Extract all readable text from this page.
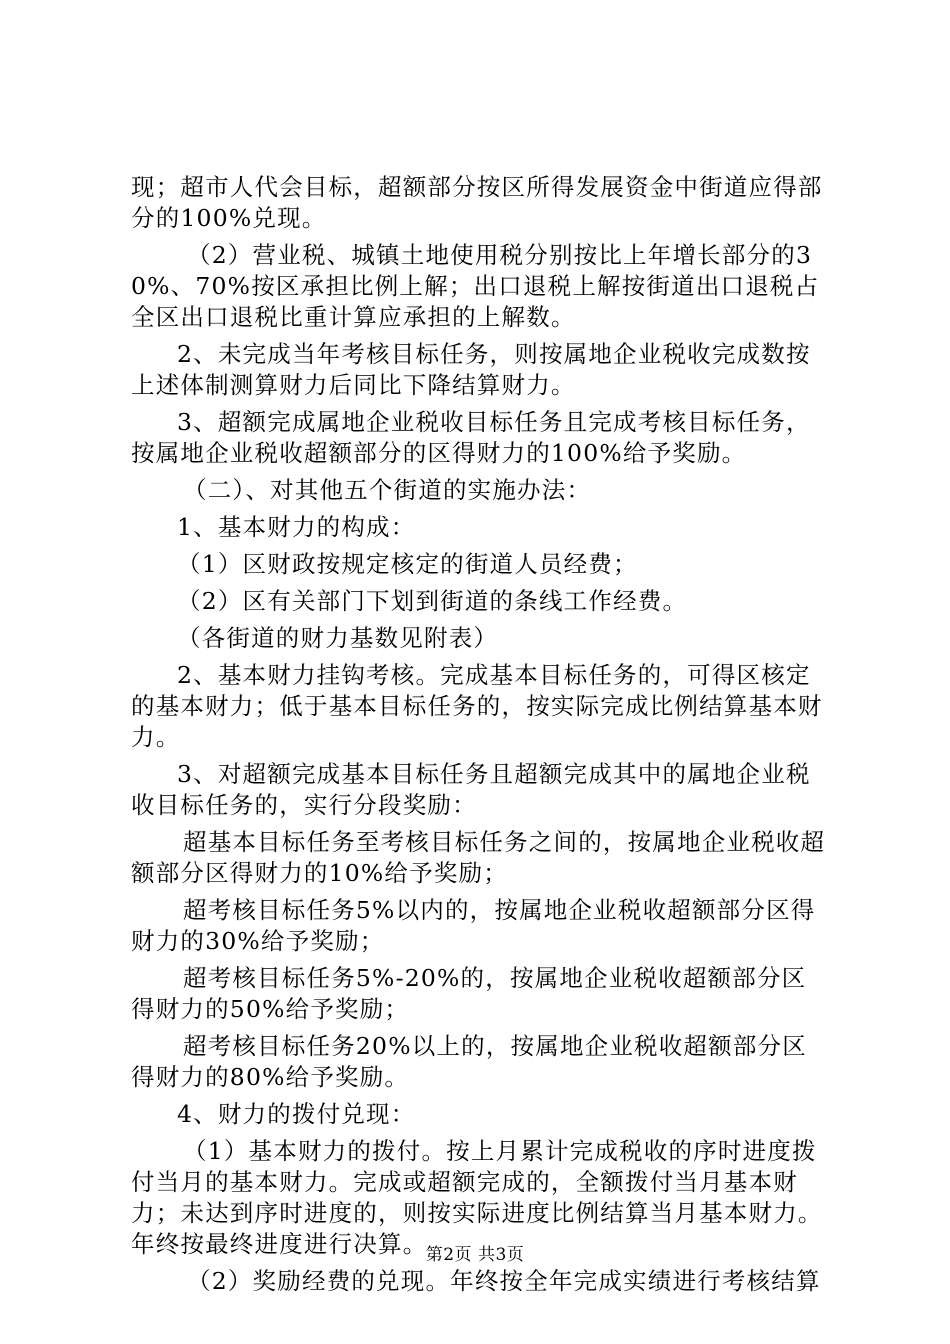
现；超市人代会目标，超额部分按区所得发展资金中街道应得部分的100%兑现。

（2）营业税、城镇土地使用税分别按比上年增长部分的30%、70%按区承担比例上解；出口退税上解按街道出口退税占全区出口退税比重计算应承担的上解数。

2、未完成当年考核目标任务，则按属地企业税收完成数按上述体制测算财力后同比下降结算财力。

3、超额完成属地企业税收目标任务且完成考核目标任务，按属地企业税收超额部分的区得财力的100%给予奖励。

（二）、对其他五个街道的实施办法：

1、基本财力的构成：

（1）区财政按规定核定的街道人员经费；

（2）区有关部门下划到街道的条线工作经费。

（各街道的财力基数见附表）

2、基本财力挂钩考核。完成基本目标任务的，可得区核定的基本财力；低于基本目标任务的，按实际完成比例结算基本财力。

3、对超额完成基本目标任务且超额完成其中的属地企业税收目标任务的，实行分段奖励：

超基本目标任务至考核目标任务之间的，按属地企业税收超额部分区得财力的10%给予奖励；

超考核目标任务5%以内的，按属地企业税收超额部分区得财力的30%给予奖励；

超考核目标任务5%-20%的，按属地企业税收超额部分区得财力的50%给予奖励；

超考核目标任务20%以上的，按属地企业税收超额部分区得财力的80%给予奖励。

4、财力的拨付兑现：

（1）基本财力的拨付。按上月累计完成税收的序时进度拨付当月的基本财力。完成或超额完成的，全额拨付当月基本财力；未达到序时进度的，则按实际进度比例结算当月基本财力。年终按最终进度进行决算。

（2）奖励经费的兑现。年终按全年完成实绩进行考核结算

第2页 共3页
